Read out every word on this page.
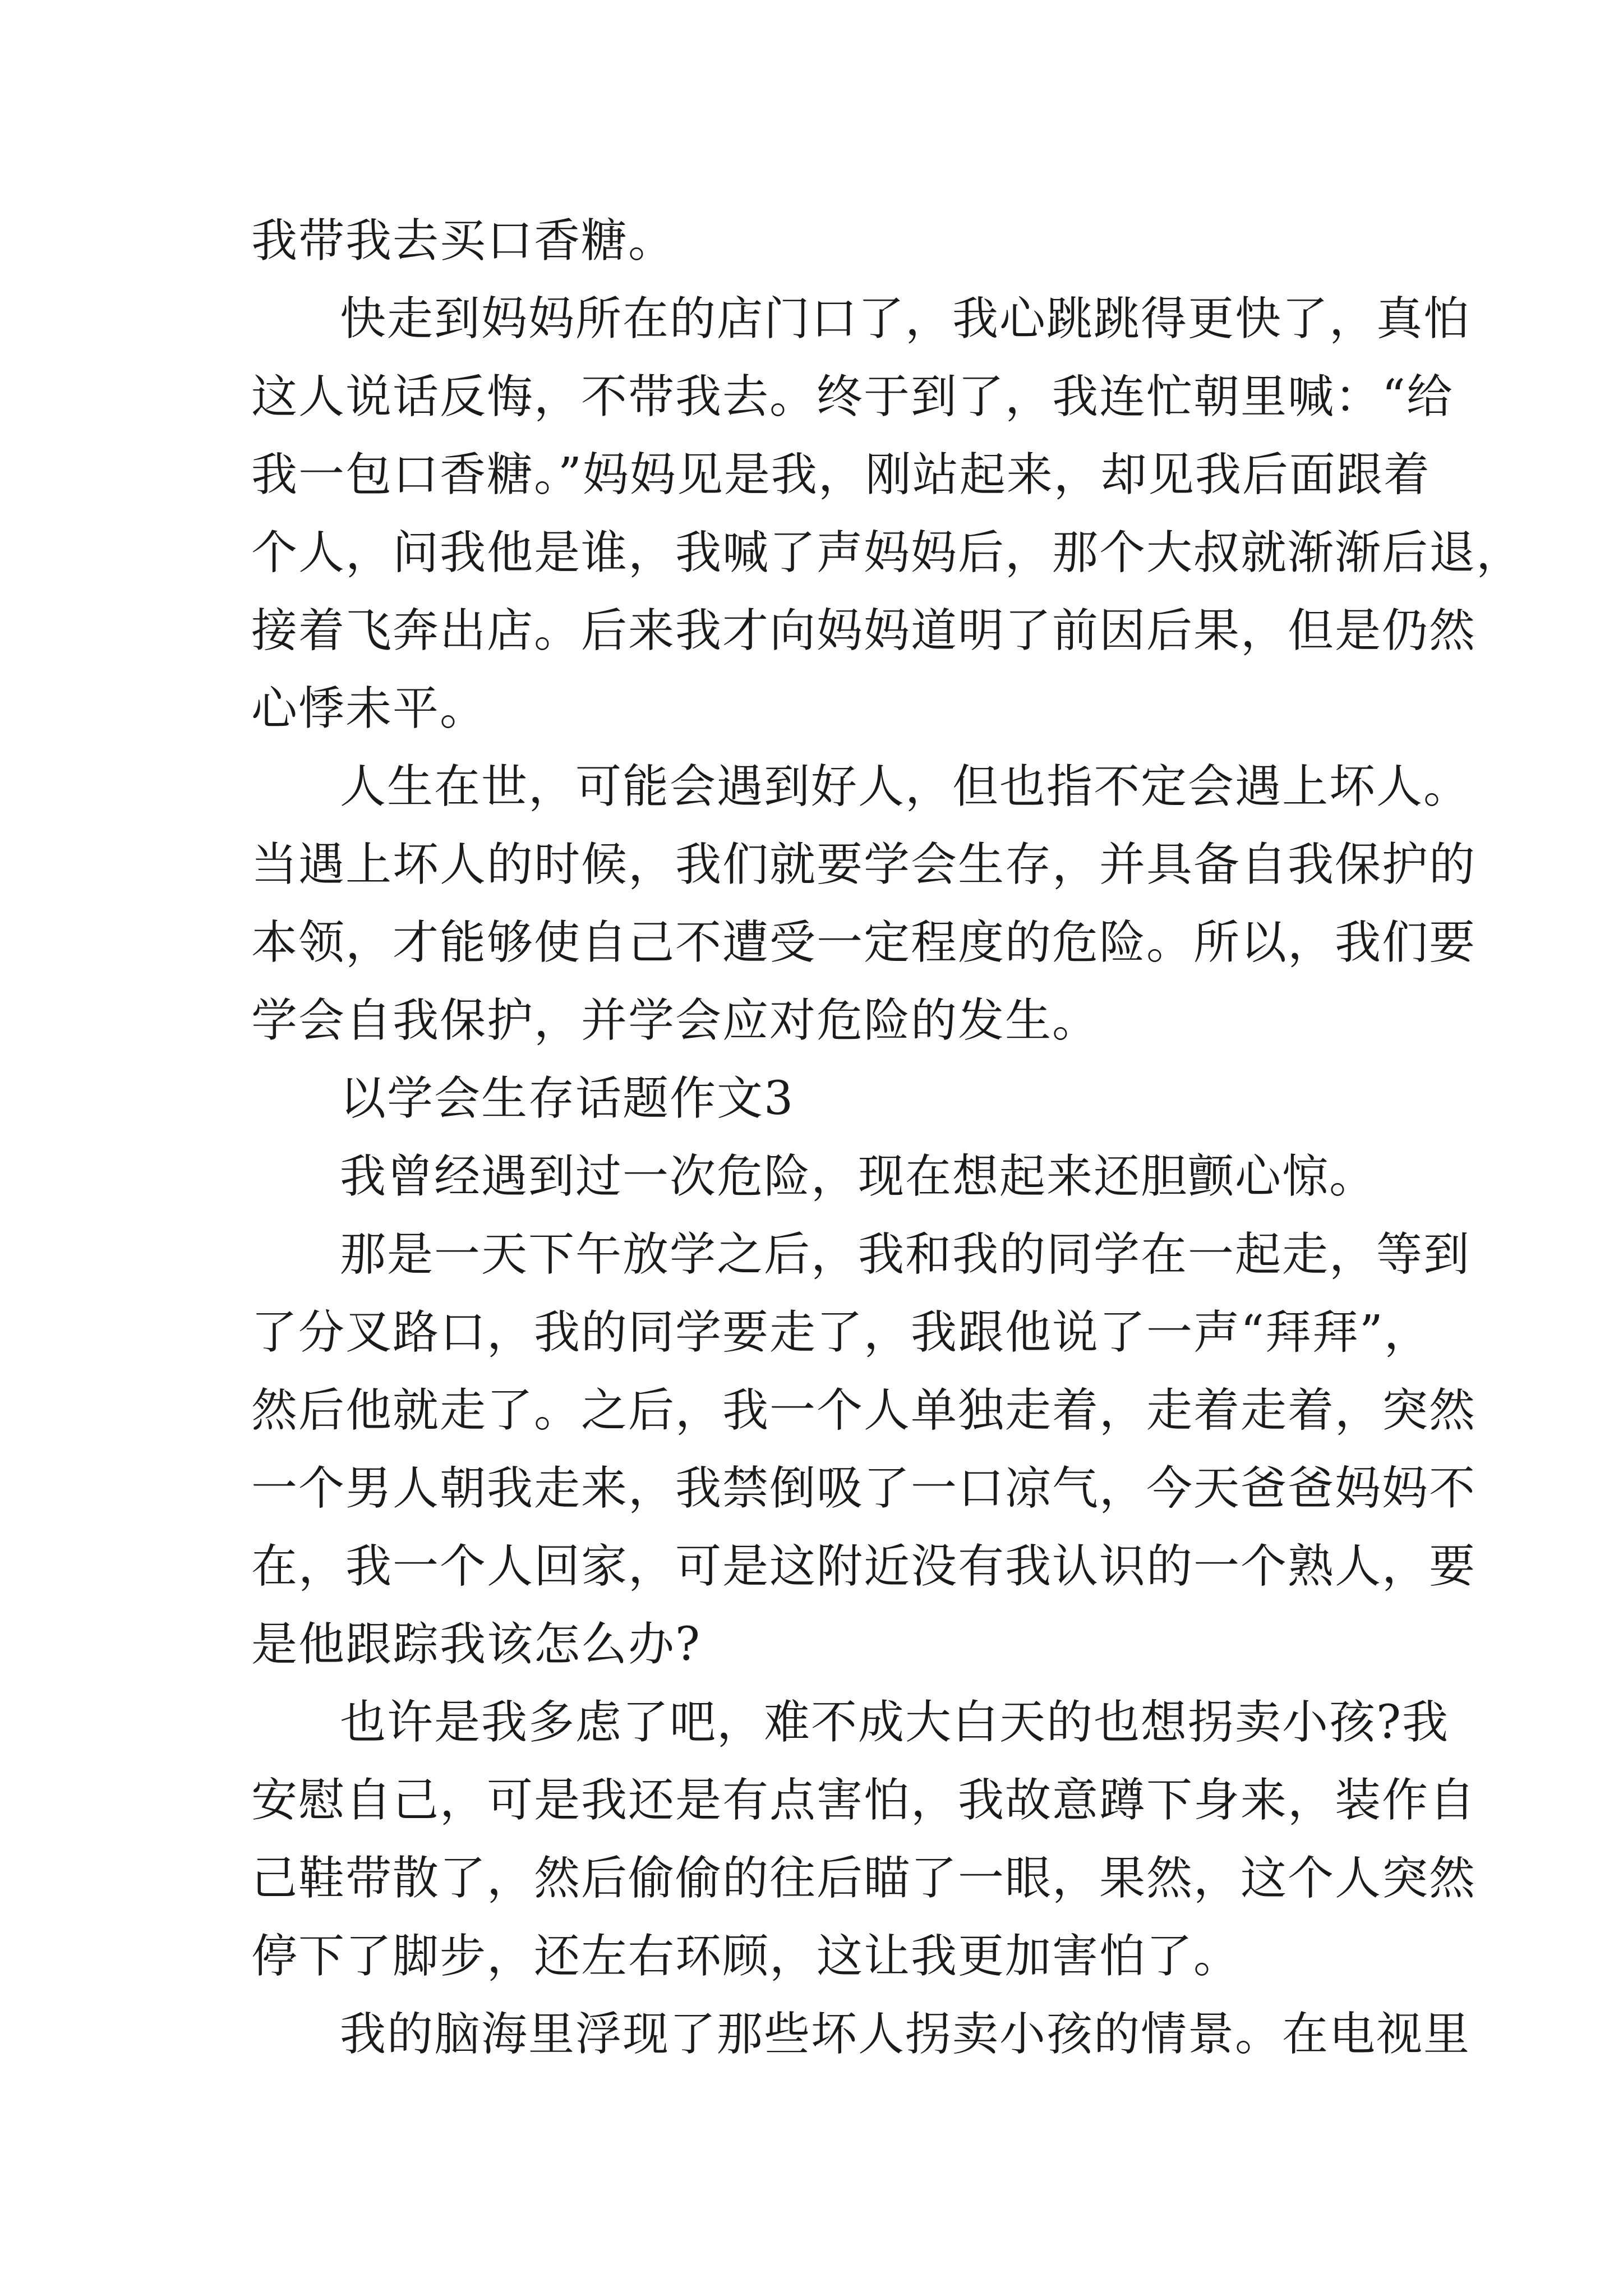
我带我去买口香糖。
快走到妈妈所在的店门口了，我心跳跳得更快了，真怕
这人说话反悔，不带我去。终于到了，我连忙朝里喊：“给
我一包口香糖。”妈妈见是我，刚站起来，却见我后面跟着
个人，问我他是谁，我喊了声妈妈后，那个大叔就渐渐后退，
接着飞奔出店。后来我才向妈妈道明了前因后果，但是仍然
心悸未平。
人生在世，可能会遇到好人，但也指不定会遇上坏人。
当遇上坏人的时候，我们就要学会生存，并具备自我保护的
本领，才能够使自己不遭受一定程度的危险。所以，我们要
学会自我保护，并学会应对危险的发生。
以学会生存话题作文3
我曾经遇到过一次危险，现在想起来还胆颤心惊。
那是一天下午放学之后，我和我的同学在一起走，等到
了分叉路口，我的同学要走了，我跟他说了一声“拜拜”，
然后他就走了。之后，我一个人单独走着，走着走着，突然
一个男人朝我走来，我禁倒吸了一口凉气，今天爸爸妈妈不
在，我一个人回家，可是这附近没有我认识的一个熟人，要
是他跟踪我该怎么办?
也许是我多虑了吧，难不成大白天的也想拐卖小孩?我
安慰自己，可是我还是有点害怕，我故意蹲下身来，装作自
己鞋带散了，然后偷偷的往后瞄了一眼，果然，这个人突然
停下了脚步，还左右环顾，这让我更加害怕了。
我的脑海里浮现了那些坏人拐卖小孩的情景。在电视里
